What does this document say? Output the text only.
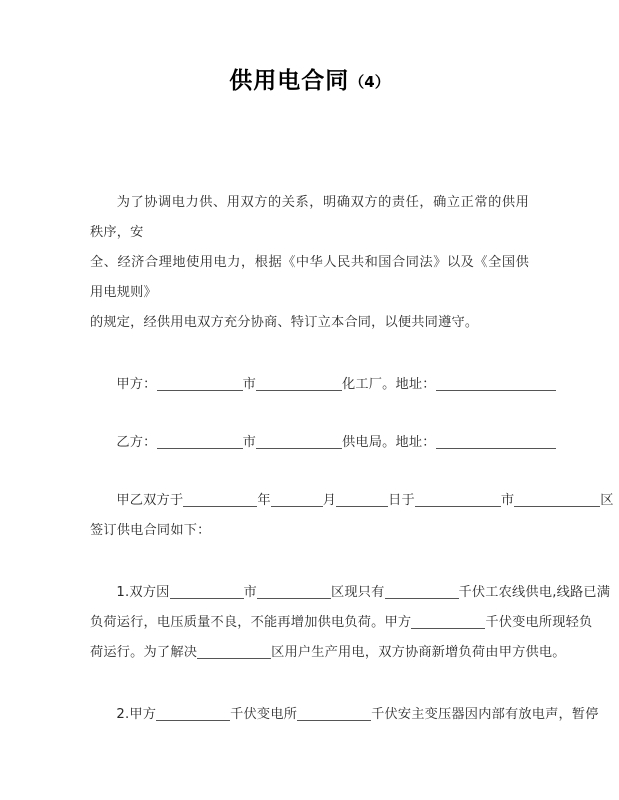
供用电合同（4）

为了协调电力供、用双方的关系，明确双方的责任，确立正常的供用秩序，安

全、经济合理地使用电力，根据《中华人民共和国合同法》以及《全国供用电规则》

的规定，经供用电双方充分协商、特订立本合同，以便共同遵守。

甲方：	市	化工厂。地址：
乙方：	市	供电局。地址：
甲乙双方于	年	月	日于	市	区
签订供电合同如下：
1.双方因	市	区现只有	千伏工农线供电,线路已满
负荷运行，电压质量不良，不能再增加供电负荷。甲方	千伏变电所现轻负
荷运行。为了解决	区用户生产用电，双方协商新增负荷由甲方供电。
2.甲方	千伏变电所	千伏安主变压器因内部有放电声，暂停
